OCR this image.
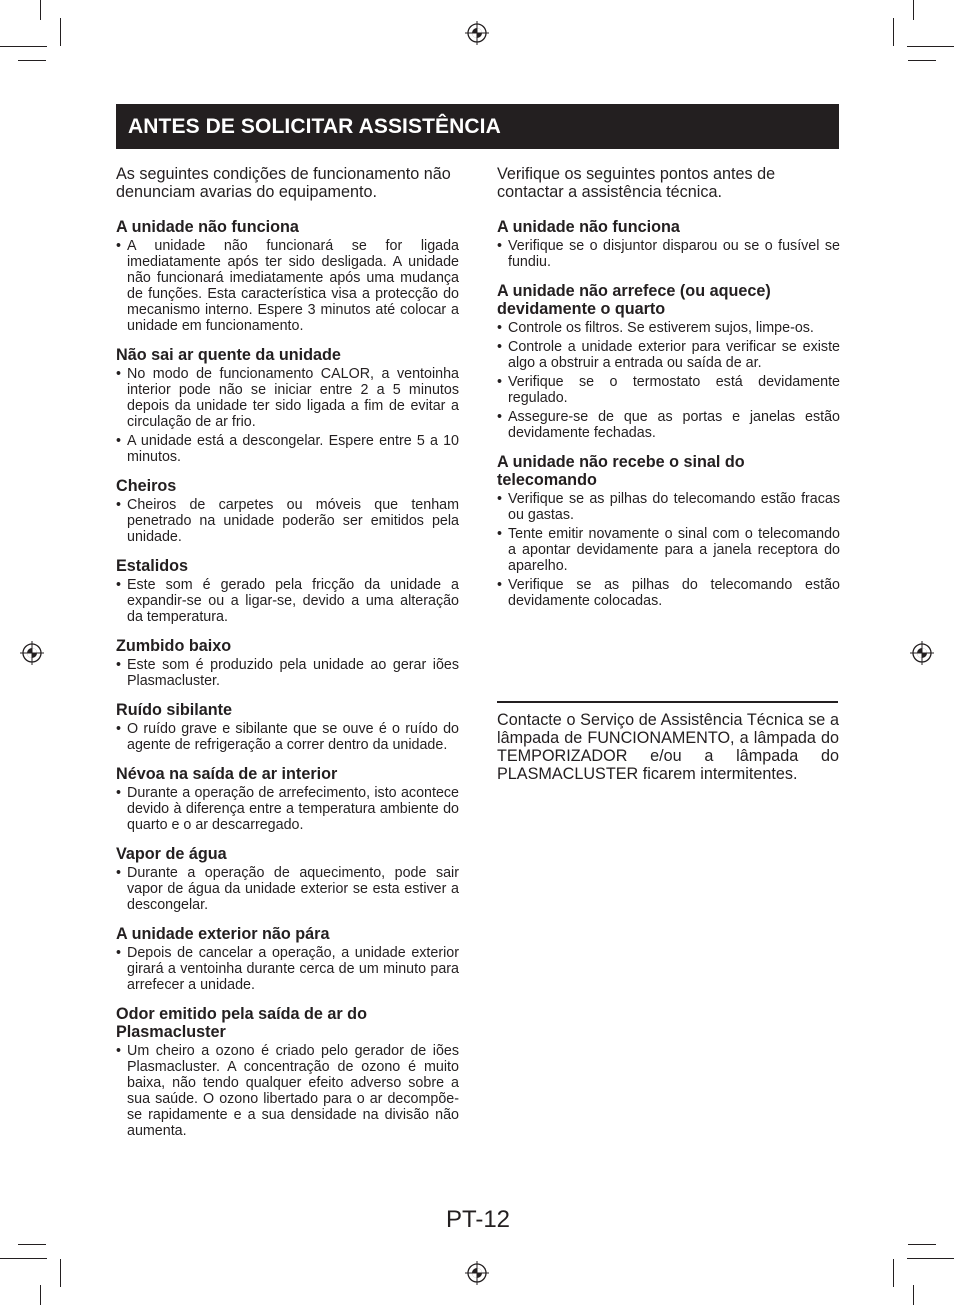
ANTES DE SOLICITAR ASSISTÊNCIA

As seguintes condições de funcionamento não denunciam avarias do equipamento.

A unidade não funciona
• A unidade não funcionará se for ligada imediatamente após ter sido desligada. A unidade não funcionará imediatamente após uma mudança de funções. Esta característica visa a protecção do mecanismo interno. Espere 3 minutos até colocar a unidade em funcionamento.
Não sai ar quente da unidade
• No modo de funcionamento CALOR, a ventoinha interior pode não se iniciar entre 2 a 5 minutos depois da unidade ter sido ligada a fim de evitar a circulação de ar frio.
• A unidade está a descongelar. Espere entre 5 a 10 minutos.
Cheiros
• Cheiros de carpetes ou móveis que tenham penetrado na unidade poderão ser emitidos pela unidade.
Estalidos
• Este som é gerado pela fricção da unidade a expandir-se ou a ligar-se, devido a uma alteração da temperatura.
Zumbido baixo
• Este som é produzido pela unidade ao gerar iões Plasmacluster.
Ruído sibilante
• O ruído grave e sibilante que se ouve é o ruído do agente de refrigeração a correr dentro da unidade.
Névoa na saída de ar interior
• Durante a operação de arrefecimento, isto acontece devido à diferença entre a temperatura ambiente do quarto e o ar descarregado.
Vapor de água
• Durante a operação de aquecimento, pode sair vapor de água da unidade exterior se esta estiver a descongelar.
A unidade exterior não pára
• Depois de cancelar a operação, a unidade exterior girará a ventoinha durante cerca de um minuto para arrefecer a unidade.
Odor emitido pela saída de ar do Plasmacluster
• Um cheiro a ozono é criado pelo gerador de iões Plasmacluster. A concentração de ozono é muito baixa, não tendo qualquer efeito adverso sobre a sua saúde. O ozono libertado para o ar decompõe-se rapidamente e a sua densidade na divisão não aumenta.

Verifique os seguintes pontos antes de contactar a assistência técnica.

A unidade não funciona
• Verifique se o disjuntor disparou ou se o fusível se fundiu.
A unidade não arrefece (ou aquece) devidamente o quarto
• Controle os filtros. Se estiverem sujos, limpe-os.
• Controle a unidade exterior para verificar se existe algo a obstruir a entrada ou saída de ar.
• Verifique se o termostato está devidamente regulado.
• Assegure-se de que as portas e janelas estão devidamente fechadas.
A unidade não recebe o sinal do telecomando
• Verifique se as pilhas do telecomando estão fracas ou gastas.
• Tente emitir novamente o sinal com o telecomando a apontar devidamente para a janela receptora do aparelho.
• Verifique se as pilhas do telecomando estão devidamente colocadas.

Contacte o Serviço de Assistência Técnica se a lâmpada de FUNCIONAMENTO, a lâmpada do TEMPORIZADOR e/ou a lâmpada do PLASMACLUSTER ficarem intermitentes.

PT-12
